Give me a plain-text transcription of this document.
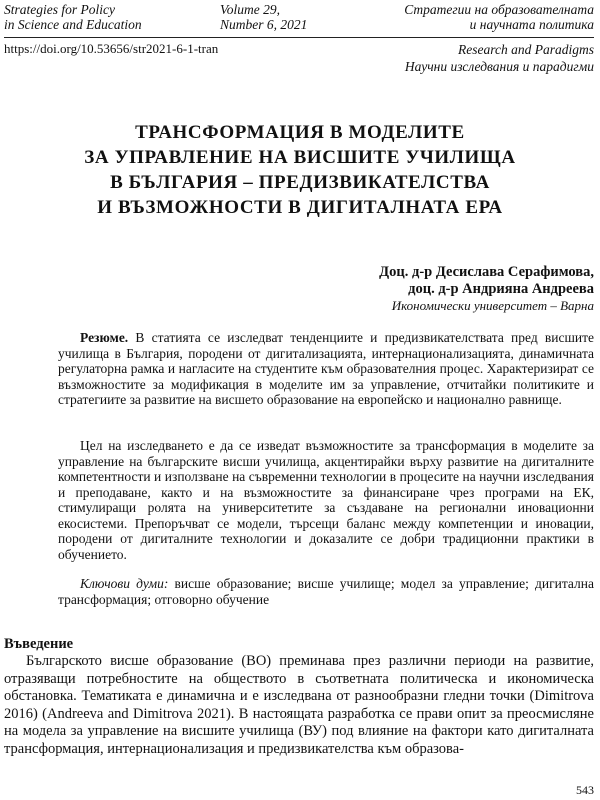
Strategies for Policy
in Science and Education
Volume 29,
Number 6, 2021
Стратегии на образователната
и научната политика
https://doi.org/10.53656/str2021-6-1-tran	Research and Paradigms
Научни изследвания и парадигми
ТРАНСФОРМАЦИЯ В МОДЕЛИТЕ
ЗА УПРАВЛЕНИЕ НА ВИСШИТЕ УЧИЛИЩА
В БЪЛГАРИЯ – ПРЕДИЗВИКАТЕЛСТВА
И ВЪЗМОЖНОСТИ В ДИГИТАЛНАТА ЕРА
Доц. д-р Десислава Серафимова,
доц. д-р Андрияна Андреева
Икономически университет – Варна
Резюме. В статията се изследват тенденциите и предизвикателствата пред висшите училища в България, породени от дигитализацията, интернационализацията, динамичната регулаторна рамка и нагласите на студентите към образователния процес. Характеризират се възможностите за модификация в моделите им за управление, отчитайки политиките и стратегиите за развитие на висшето образование на европейско и национално равнище.
Цел на изследването е да се изведат възможностите за трансформация в моделите за управление на българските висши училища, акцентирайки върху развитие на дигиталните компетентности и използване на съвременни технологии в процесите на научни изследвания и преподаване, както и на възможностите за финансиране чрез програми на ЕК, стимулиращи ролята на университетите за създаване на регионални иновационни екосистеми. Препоръчват се модели, търсещи баланс между компетенции и иновации, породени от дигиталните технологии и доказалите се добри традиционни практики в обучението.
Ключови думи: висше образование; висше училище; модел за управление; дигитална трансформация; отговорно обучение
Въведение
Българското висше образование (ВО) преминава през различни периоди на развитие, отразяващи потребностите на обществото в съответната политическа и икономическа обстановка. Тематиката е динамична и е изследвана от разнообразни гледни точки (Dimitrova 2016) (Andreeva and Dimitrova 2021). В настоящата разработка се прави опит за преосмисляне на модела за управление на висшите училища (ВУ) под влияние на фактори като дигиталната трансформация, интернационализация и предизвикателства към образова-
543
